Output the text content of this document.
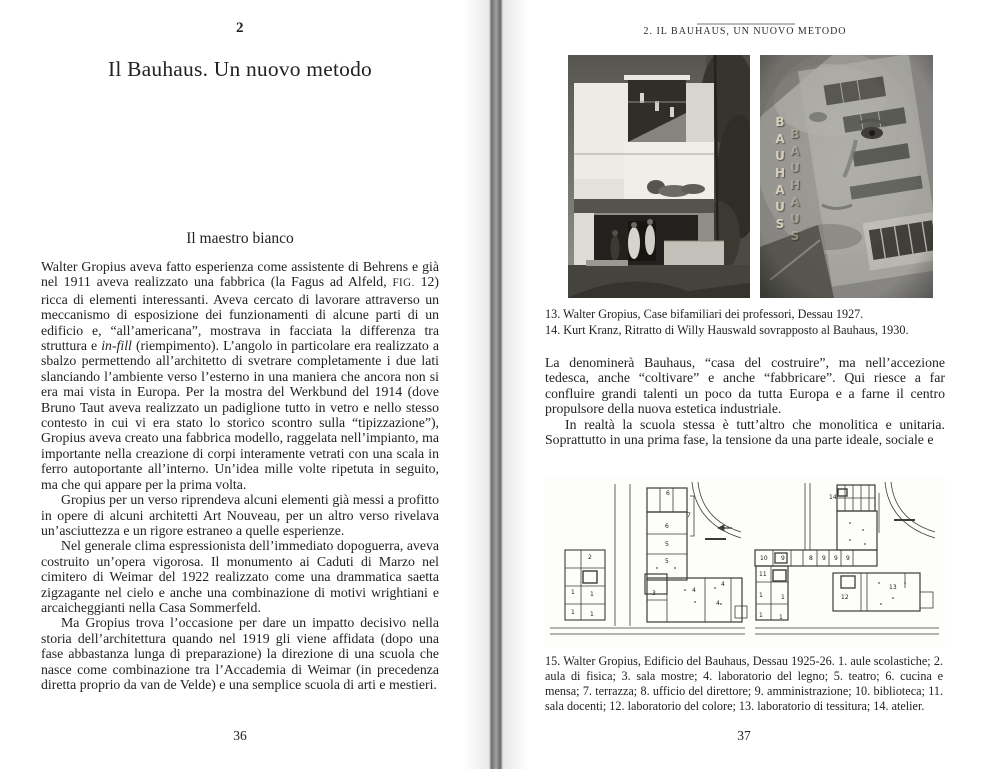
2
Il Bauhaus. Un nuovo metodo
Il maestro bianco

Walter Gropius aveva fatto esperienza come assistente di Behrens e già nel 1911 aveva realizzato una fabbrica (la Fagus ad Alfeld, FIG. 12) ricca di elementi interessanti. Aveva cercato di lavorare attraverso un meccanismo di esposizione dei funzionamenti di alcune parti di un edificio e, “all’americana”, mostrava in facciata la differenza tra struttura e in-fill (riempimento). L’angolo in particolare era realizzato a sbalzo permettendo all’architetto di svetrare completamente i due lati slanciando l’ambiente verso l’esterno in una maniera che ancora non si era mai vista in Europa. Per la mostra del Werkbund del 1914 (dove Bruno Taut aveva realizzato un padiglione tutto in vetro e nello stesso contesto in cui vi era stato lo storico scontro sulla “tipizzazione”), Gropius aveva creato una fabbrica modello, raggelata nell’impianto, ma importante nella creazione di corpi interamente vetrati con una scala in ferro autoportante all’interno. Un’idea mille volte ripetuta in seguito, ma che qui appare per la prima volta.

Gropius per un verso riprendeva alcuni elementi già messi a profitto in opere di alcuni architetti Art Nouveau, per un altro verso rivelava un’asciuttezza e un rigore estraneo a quelle esperienze.

Nel generale clima espressionista dell’immediato dopoguerra, aveva costruito un’opera vigorosa. Il monumento ai Caduti di Marzo nel cimitero di Weimar del 1922 realizzato come una drammatica saetta zigzagante nel cielo e anche una combinazione di motivi wrightiani e arcaicheggianti nella Casa Sommerfeld.

Ma Gropius trova l’occasione per dare un impatto decisivo nella storia dell’architettura quando nel 1919 gli viene affidata (dopo una fase abbastanza lunga di preparazione) la direzione di una scuola che nasce come combinazione tra l’Accademia di Weimar (in precedenza diretta proprio da van de Velde) e una semplice scuola di arti e mestieri.

36
2. IL BAUHAUS, UN NUOVO METODO
BAUHAUS BAUHAUS
13. Walter Gropius, Case bifamiliari dei professori, Dessau 1927.
14. Kurt Kranz, Ritratto di Willy Hauswald sovrapposto al Bauhaus, 1930.

La denominerà Bauhaus, “casa del costruire”, ma nell’accezione tedesca, anche “coltivare” e anche “fabbricare”. Qui riesce a far confluire grandi talenti un poco da tutta Europa e a farne il centro propulsore della nuova estetica industriale.

In realtà la scuola stessa è tutt’altro che monolitica e unitaria. Soprattutto in una prima fase, la tensione da una parte ideale, sociale e

2
1	1
1	1
6
6
5
5
7
3	4
4
4
14
10 9	8 9 9 9
11
1	1
1	1
12
13
15. Walter Gropius, Edificio del Bauhaus, Dessau 1925-26. 1. aule scolastiche; 2. aula di fisica; 3. sala mostre; 4. laboratorio del legno; 5. teatro; 6. cucina e mensa; 7. terrazza; 8. ufficio del direttore; 9. amministrazione; 10. biblioteca; 11. sala docenti; 12. laboratorio del colore; 13. laboratorio di tessitura; 14. atelier.
37
